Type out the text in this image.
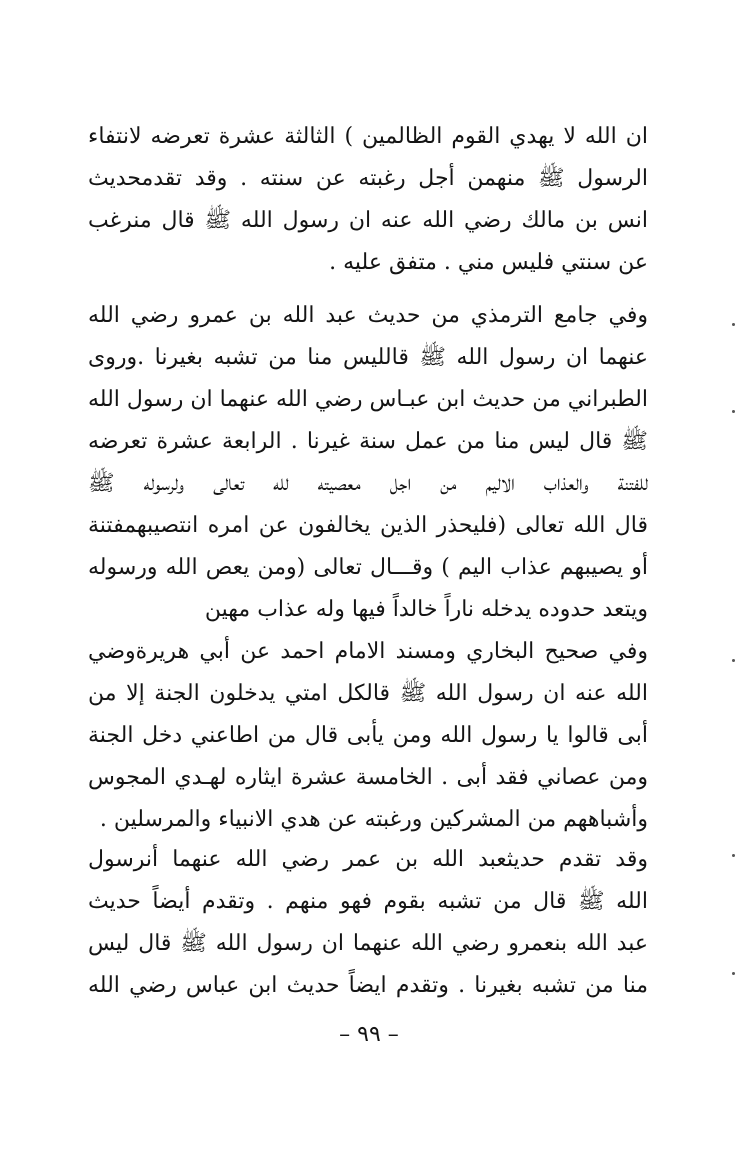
ان الله لا يهدي القوم الظالمين ) الثالثة عشرة تعرضه لانتفاء
الرسول ﷺ منهمن أجل رغبته عن سنته . وقد تقدمحديث
انس بن مالك رضي الله عنه ان رسول الله ﷺ قال منرغب
عن سنتي فليس مني . متفق عليه .
وفي جامع الترمذي من حديث عبد الله بن عمرو رضي الله
عنهما ان رسول الله ﷺ قالليس منا من تشبه بغيرنا .وروى
الطبراني من حديث ابن عبـاس رضي الله عنهما ان رسول الله
ﷺ قال ليس منا من عمل سنة غيرنا . الرابعة عشرة تعرضه
للفتنة والعذاب الاليم من اجل معصيته لله تعالى ولرسوله ﷺ
قال الله تعالى (فليحذر الذين يخالفون عن امره انتصيبهمفتنة
أو يصيبهم عذاب اليم ) وقـــال تعالى (ومن يعص الله ورسوله
ويتعد حدوده يدخله ناراً خالداً فيها وله عذاب مهين
وفي صحيح البخاري ومسند الامام احمد عن أبي هريرةوضي
الله عنه ان رسول الله ﷺ قالكل امتي يدخلون الجنة إلا من
أبى قالوا يا رسول الله ومن يأبى قال من اطاعني دخل الجنة
ومن عصاني فقد أبى . الخامسة عشرة ايثاره لهـدي المجوس
وأشباههم من المشركين ورغبته عن هدي الانبياء والمرسلين .
وقد تقدم حديثعبد الله بن عمر رضي الله عنهما أنرسول
الله ﷺ قال من تشبه بقوم فهو منهم . وتقدم أيضاً حديث
عبد الله بنعمرو رضي الله عنهما ان رسول الله ﷺ قال ليس
منا من تشبه بغيرنا . وتقدم ايضاً حديث ابن عباس رضي الله
– ٩٩ –
